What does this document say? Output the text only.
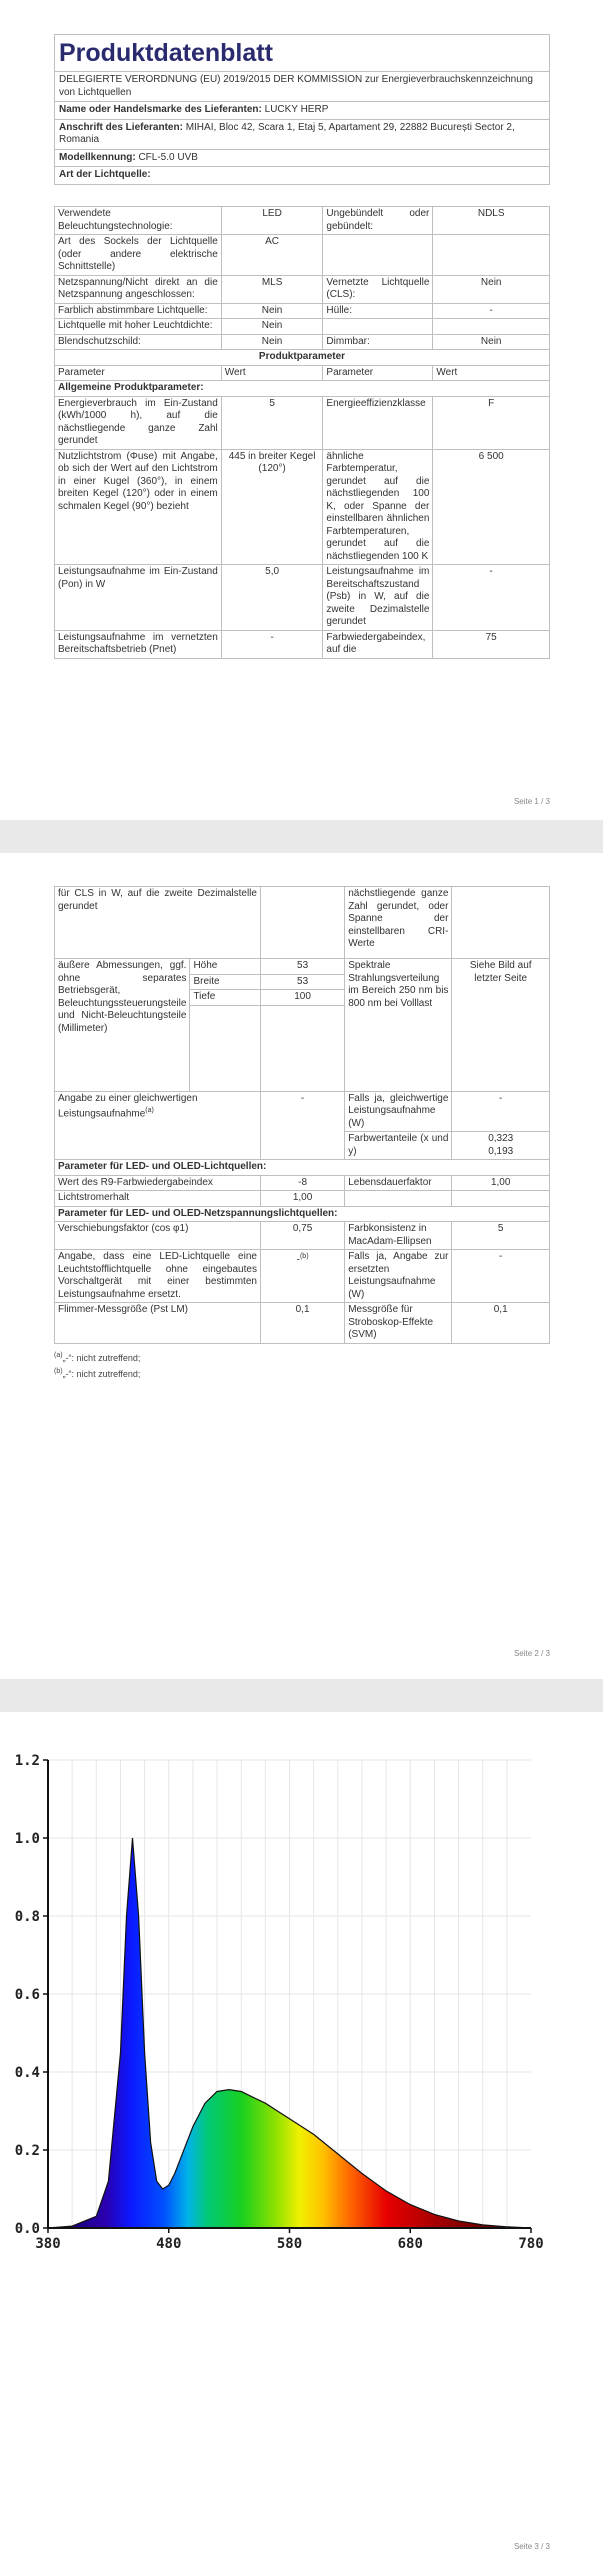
Produktdatenblatt
DELEGIERTE VERORDNUNG (EU) 2019/2015 DER KOMMISSION zur Energieverbrauchskennzeichnung von Lichtquellen
Name oder Handelsmarke des Lieferanten: LUCKY HERP
Anschrift des Lieferanten: MIHAI, Bloc 42, Scara 1, Etaj 5, Apartament 29, 22882 București Sector 2, Romania
Modellkennung: CFL-5.0 UVB
Art der Lichtquelle:
Verwendete Beleuchtungstechnologie:	LED	Ungebündelt oder gebündelt:	NDLS
Art des Sockels der Lichtquelle (oder andere elektrische Schnittstelle)	AC		
Netzspannung/Nicht direkt an die Netzspannung angeschlossen:	MLS	Vernetzte Lichtquelle (CLS):	Nein
Farblich abstimmbare Lichtquelle:	Nein	Hülle:	-
Lichtquelle mit hoher Leuchtdichte:	Nein		
Blendschutzschild:	Nein	Dimmbar:	Nein
Produktparameter			
Parameter	Wert	Parameter	Wert
Allgemeine Produktparameter:			
Energieverbrauch im Ein-Zustand (kWh/1000 h), auf die nächstliegende ganze Zahl gerundet	5	Energieeffizienzklasse	F
Nutzlichtstrom (Φuse) mit Angabe, ob sich der Wert auf den Lichtstrom in einer Kugel (360°), in einem breiten Kegel (120°) oder in einem schmalen Kegel (90°) bezieht	445 in breiter Kegel (120°)	ähnliche Farbtemperatur, gerundet auf die nächstliegenden 100 K, oder Spanne der einstellbaren ähnlichen Farbtemperaturen, gerundet auf die nächstliegenden 100 K	6 500
Leistungsaufnahme im Ein-Zustand (Pon) in W	5,0	Leistungsaufnahme im Bereitschaftszustand (Psb) in W, auf die zweite Dezimalstelle gerundet	-
Leistungsaufnahme im vernetzten Bereitschaftsbetrieb (Pnet)	-	Farbwiedergabeindex, auf die	75
Seite 1 / 3
für CLS in W, auf die zweite Dezimalstelle gerundet			nächstliegende ganze Zahl gerundet, oder Spanne der einstellbaren CRI-Werte	
äußere Abmessungen, ggf. ohne separates Betriebsgerät, Beleuchtungssteuerungsteile und Nicht-Beleuchtungsteile (Millimeter)	Höhe	53	Spektrale Strahlungsverteilung im Bereich 250 nm bis 800 nm bei Volllast	Siehe Bild auf letzter Seite
	Breite	53		
	Tiefe	100		

Angabe zu einer gleichwertigen Leistungsaufnahme$^{(a)}$		-	Falls ja, gleichwertige Leistungsaufnahme (W)	-
			Farbwertanteile (x und y)	0,323
0,193

Parameter für LED- und OLED-Lichtquellen:				
Wert des R9-Farbwiedergabeindex		-8	Lebensdauerfaktor	1,00
Lichtstromerhalt		1,00		
Parameter für LED- und OLED-Netzspannungslichtquellen:				
Verschiebungsfaktor (cos φ1)		0,75	Farbkonsistenz in MacAdam-Ellipsen	5
Angabe, dass eine LED-Lichtquelle eine Leuchtstofflichtquelle ohne eingebautes Vorschaltgerät mit einer bestimmten Leistungsaufnahme ersetzt.		-$^{(b)}$	Falls ja, Angabe zur ersetzten Leistungsaufnahme (W)	-
Flimmer-Messgröße (Pst LM)		0,1	Messgröße für Stroboskop-Effekte (SVM)	0,1
$^{(a)}$„-“: nicht zutreffend;
$^{(b)}$„-“: nicht zutreffend;
Seite 2 / 3
380	480	580	680	780
0.0
0.2
0.4
0.6
0.8
1.0
1.2
Seite 3 / 3
